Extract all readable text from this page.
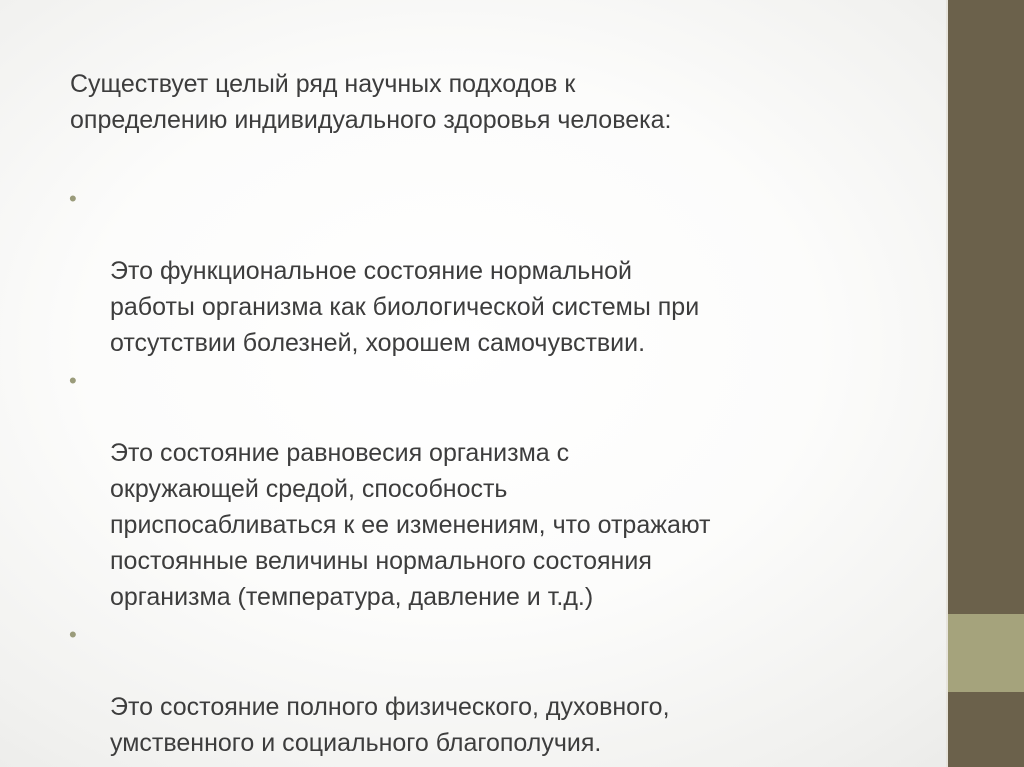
Существует целый ряд научных подходов к
определению индивидуального здоровья человека:

•

Это функциональное состояние нормальной
работы организма как биологической системы при
отсутствии болезней, хорошем самочувствии.

•

Это состояние равновесия организма с
окружающей средой, способность
приспосабливаться к ее изменениям, что отражают
постоянные величины нормального состояния
организма (температура, давление и т.д.)

•

Это состояние полного физического, духовного,
умственного и социального благополучия.
